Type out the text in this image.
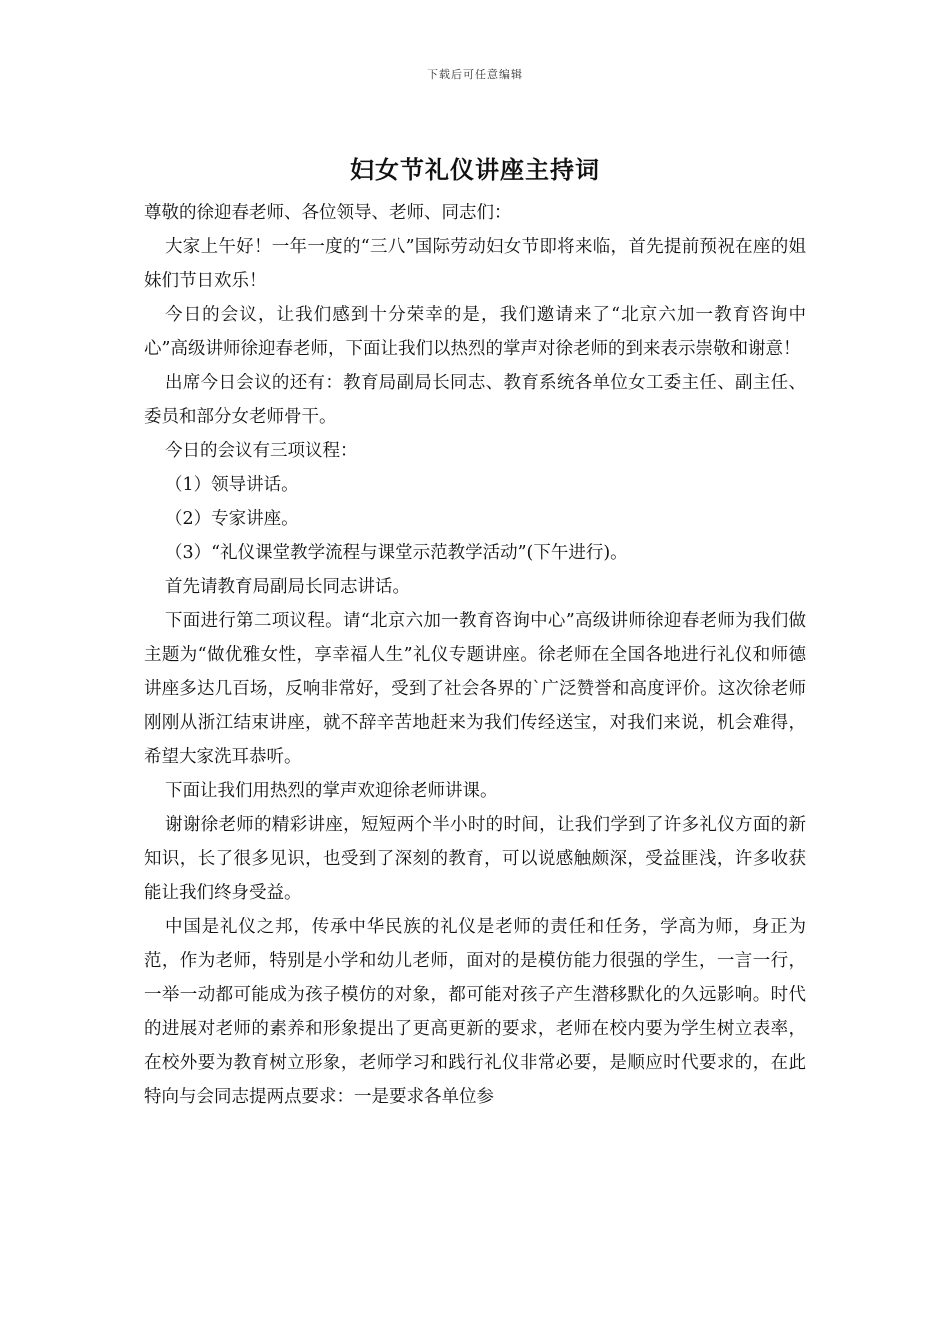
下载后可任意编辑
妇女节礼仪讲座主持词

尊敬的徐迎春老师、各位领导、老师、同志们：

大家上午好！一年一度的“三八”国际劳动妇女节即将来临，首先提前预祝在座的姐妹们节日欢乐！

今日的会议，让我们感到十分荣幸的是，我们邀请来了“北京六加一教育咨询中心”高级讲师徐迎春老师，下面让我们以热烈的掌声对徐老师的到来表示崇敬和谢意！

出席今日会议的还有：教育局副局长同志、教育系统各单位女工委主任、副主任、委员和部分女老师骨干。

今日的会议有三项议程：

（1）领导讲话。

（2）专家讲座。

（3）“礼仪课堂教学流程与课堂示范教学活动”(下午进行)。

首先请教育局副局长同志讲话。

下面进行第二项议程。请“北京六加一教育咨询中心”高级讲师徐迎春老师为我们做主题为“做优雅女性，享幸福人生”礼仪专题讲座。徐老师在全国各地进行礼仪和师德讲座多达几百场，反响非常好，受到了社会各界的`广泛赞誉和高度评价。这次徐老师刚刚从浙江结束讲座，就不辞辛苦地赶来为我们传经送宝，对我们来说，机会难得，希望大家洗耳恭听。

下面让我们用热烈的掌声欢迎徐老师讲课。

谢谢徐老师的精彩讲座，短短两个半小时的时间，让我们学到了许多礼仪方面的新知识，长了很多见识，也受到了深刻的教育，可以说感触颇深，受益匪浅，许多收获能让我们终身受益。

中国是礼仪之邦，传承中华民族的礼仪是老师的责任和任务，学高为师，身正为范，作为老师，特别是小学和幼儿老师，面对的是模仿能力很强的学生，一言一行，一举一动都可能成为孩子模仿的对象，都可能对孩子产生潜移默化的久远影响。时代的进展对老师的素养和形象提出了更高更新的要求，老师在校内要为学生树立表率，在校外要为教育树立形象，老师学习和践行礼仪非常必要，是顺应时代要求的，在此特向与会同志提两点要求：一是要求各单位参
